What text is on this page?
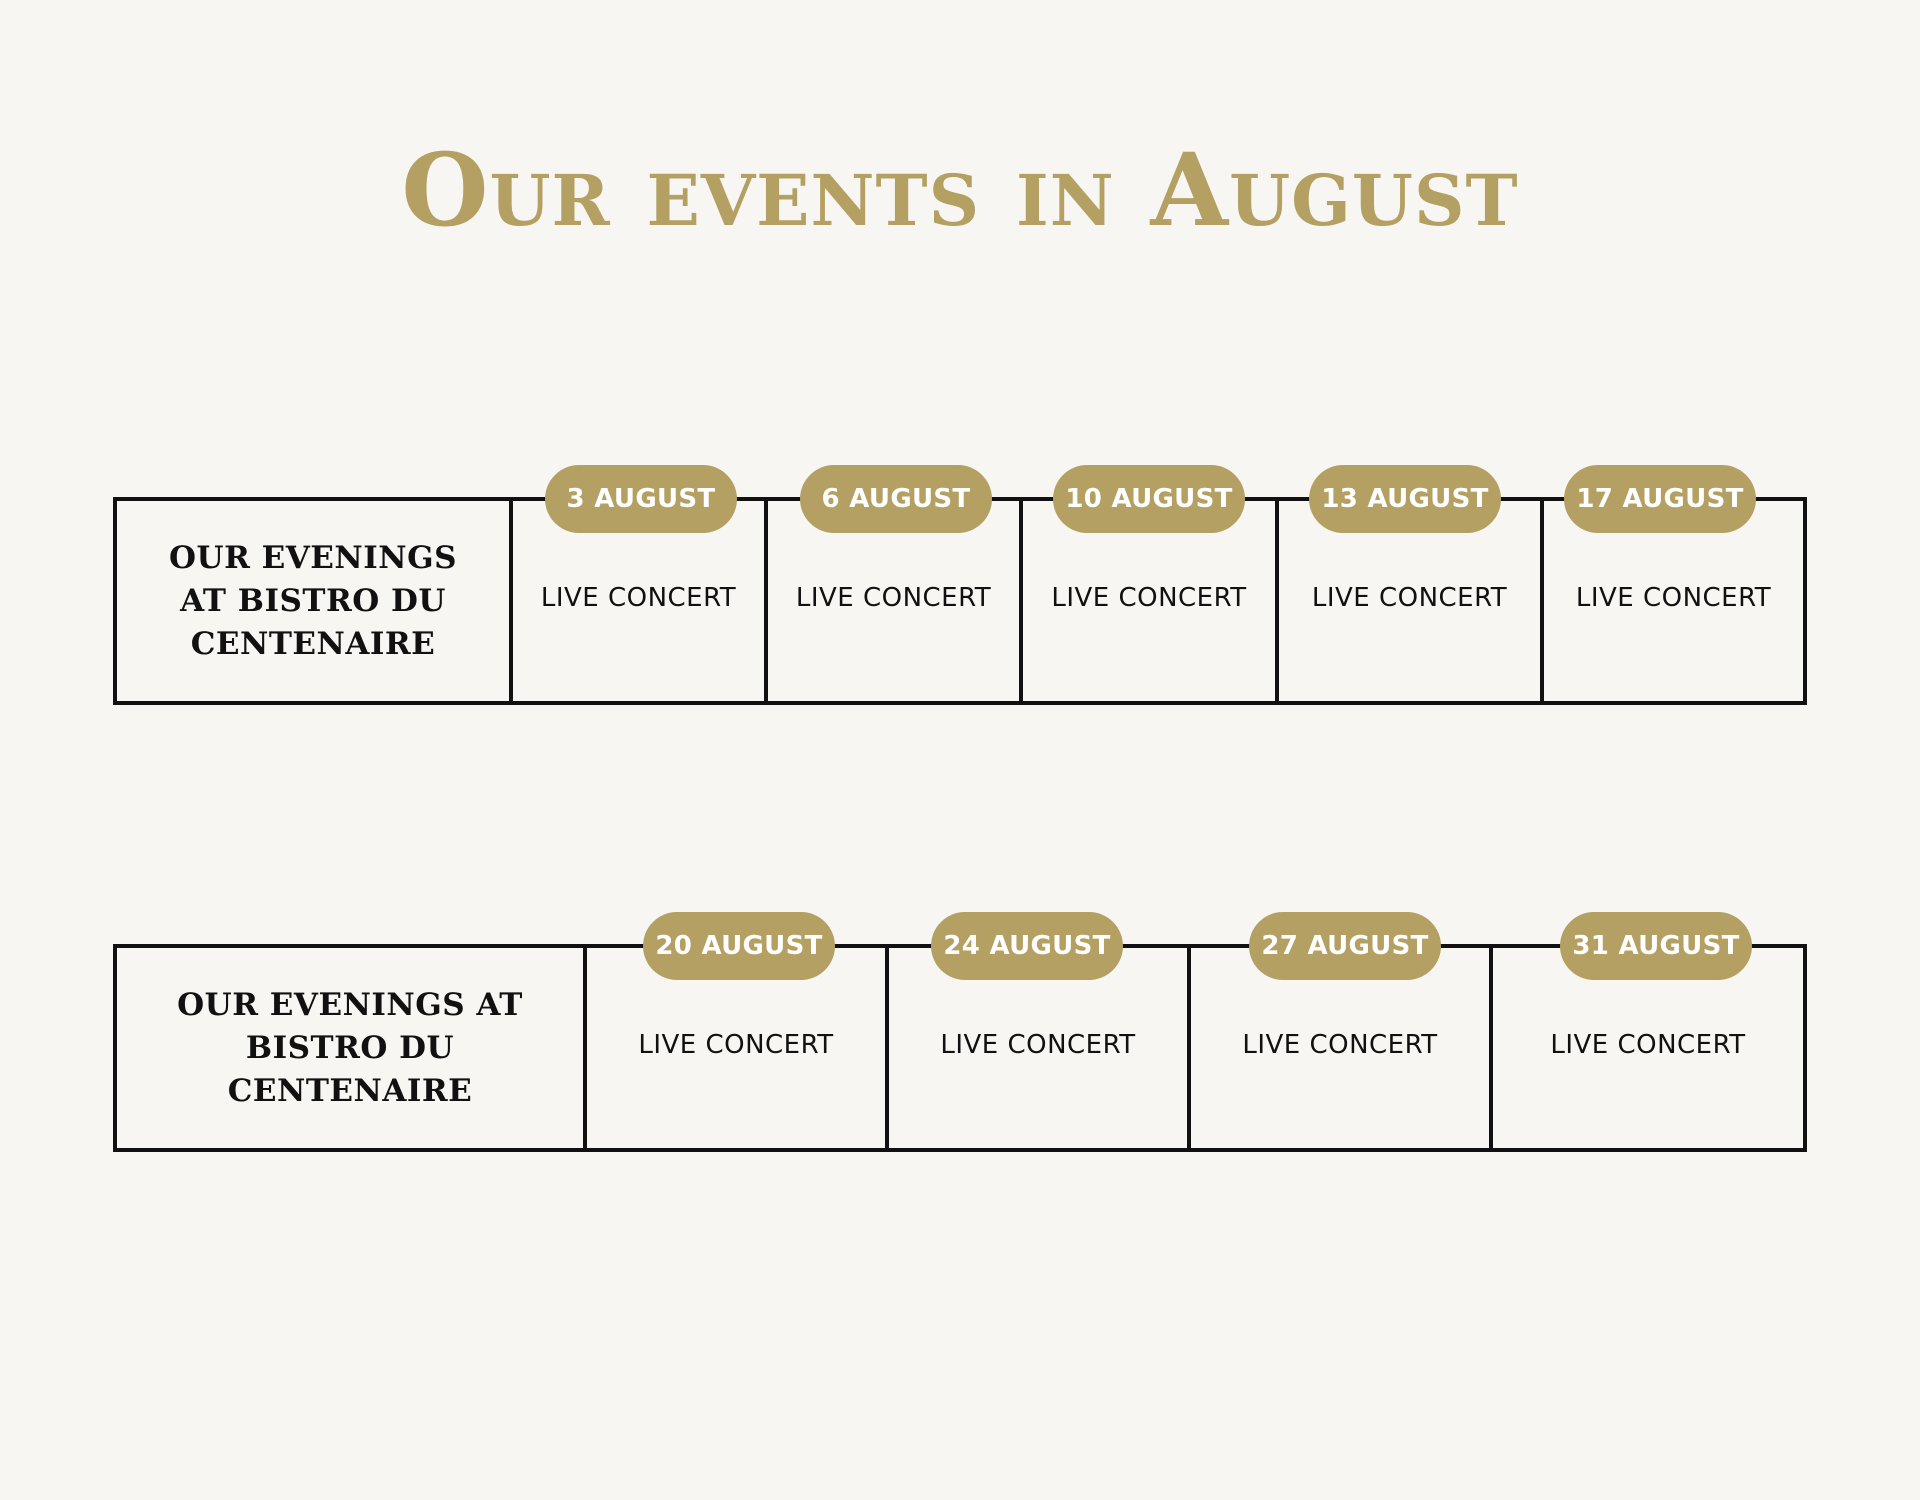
Our events in August
OUR EVENINGS AT BISTRO DU CENTENAIRE
3 AUGUST
LIVE CONCERT
6 AUGUST
LIVE CONCERT
10 AUGUST
LIVE CONCERT
13 AUGUST
LIVE CONCERT
17 AUGUST
LIVE CONCERT
OUR EVENINGS AT BISTRO DU CENTENAIRE
20 AUGUST
LIVE CONCERT
24 AUGUST
LIVE CONCERT
27 AUGUST
LIVE CONCERT
31 AUGUST
LIVE CONCERT
